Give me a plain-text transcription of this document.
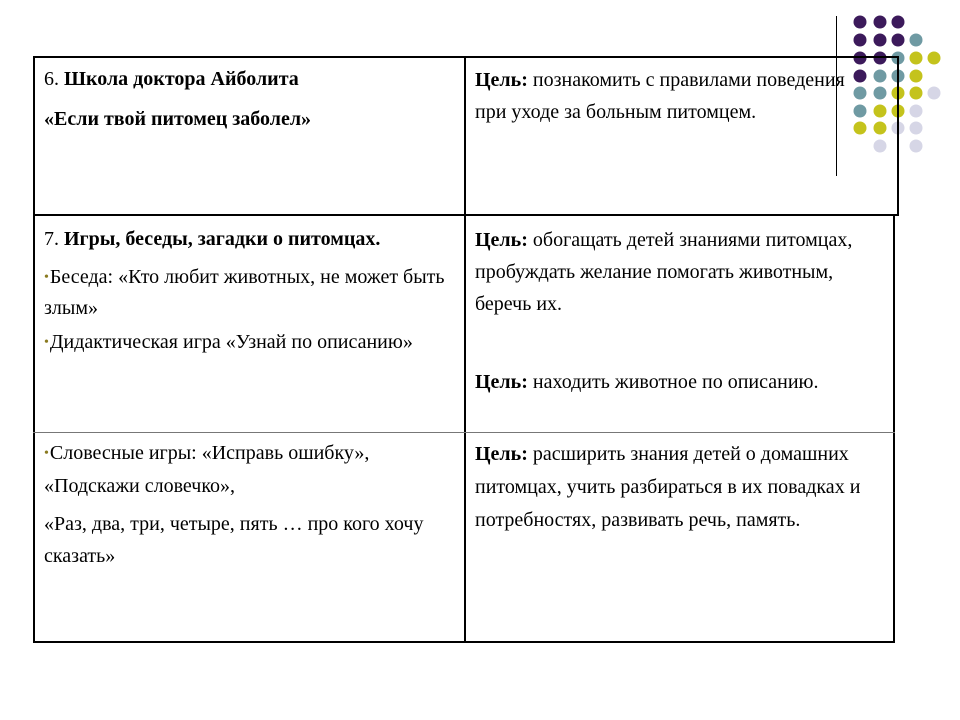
6. Школа доктора Айболита

«Если твой питомец заболел»

Цель: познакомить с правилами поведения при уходе за больным питомцем.

7. Игры, беседы, загадки о питомцах.

•Беседа: «Кто любит животных, не может быть злым»

•Дидактическая игра «Узнай по описанию»

Цель: обогащать детей знаниями питомцах, пробуждать желание помогать животным, беречь их.

Цель: находить животное по описанию.

•Словесные игры: «Исправь ошибку», «Подскажи словечко»,

«Раз, два, три, четыре, пять … про кого хочу сказать»

Цель: расширить знания детей о домашних питомцах, учить разбираться в их повадках и потребностях, развивать речь, память.
